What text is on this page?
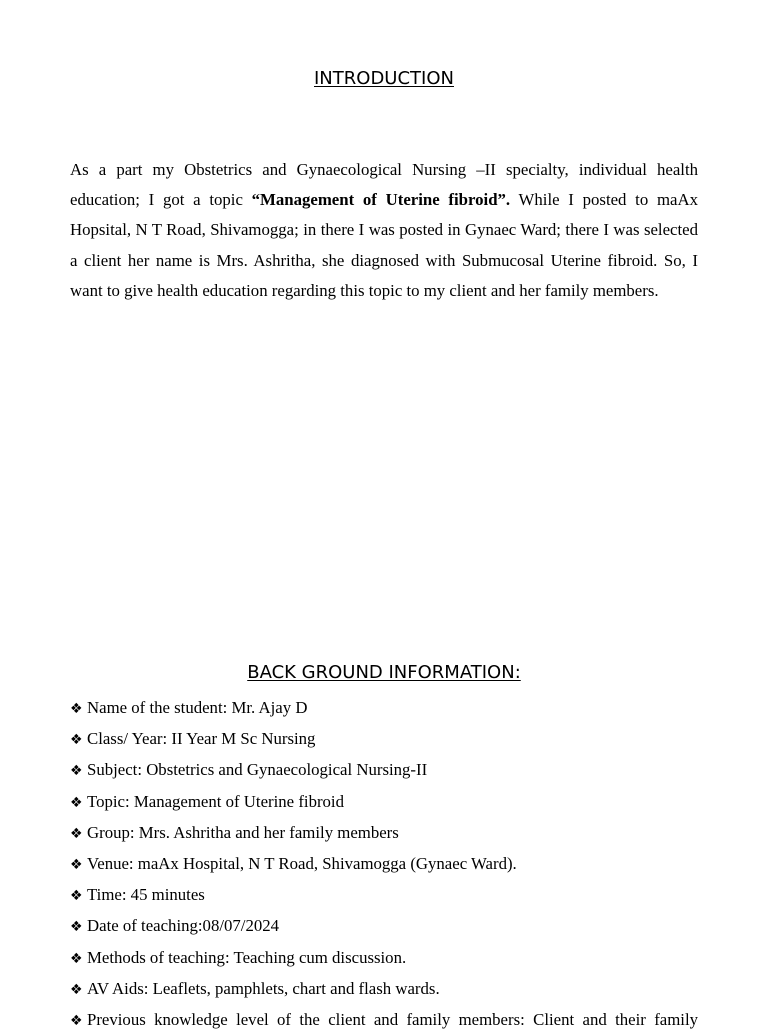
INTRODUCTION

As a part my Obstetrics and Gynaecological Nursing –II specialty, individual health education; I got a topic “Management of Uterine fibroid”. While I posted to maAx Hopsital, N T Road, Shivamogga; in there I was posted in Gynaec Ward; there I was selected a client her name is Mrs. Ashritha, she diagnosed with Submucosal Uterine fibroid. So, I want to give health education regarding this topic to my client and her family members.

BACK GROUND INFORMATION:
❖ Name of the student: Mr. Ajay D
❖ Class/ Year: II Year M Sc Nursing
❖ Subject: Obstetrics and Gynaecological Nursing-II
❖ Topic: Management of Uterine fibroid
❖ Group: Mrs. Ashritha and her family members
❖ Venue: maAx Hospital, N T Road, Shivamogga (Gynaec Ward).
❖ Time: 45 minutes
❖ Date of teaching:08/07/2024
❖ Methods of teaching: Teaching cum discussion.
❖ AV Aids: Leaflets, pamphlets, chart and flash wards.
❖ Previous knowledge level of the client and family members: Client and their family
